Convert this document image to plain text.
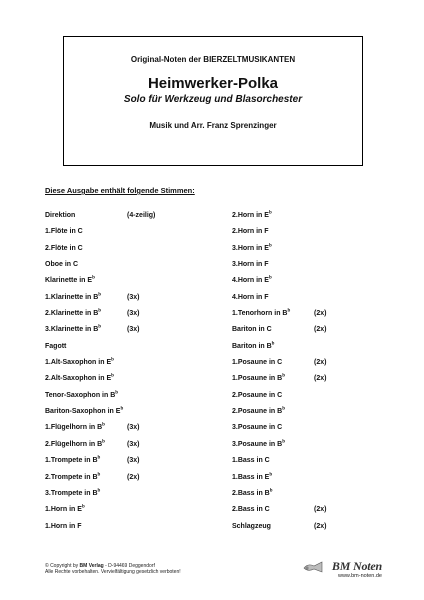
Original-Noten der BIERZELTMUSIKANTEN
Heimwerker-Polka
Solo für Werkzeug und Blasorchester
Musik und Arr. Franz Sprenzinger
Diese Ausgabe enthält folgende Stimmen:
Direktion	(4-zeilig)
1.Flöte in C
2.Flöte in C
Oboe in C
Klarinette in $E^b$
1.Klarinette in $B^b$	(3x)
2.Klarinette in $B^b$	(3x)
3.Klarinette in $B^b$	(3x)
Fagott
1.Alt-Saxophon in $E^b$
2.Alt-Saxophon in $E^b$
Tenor-Saxophon in $B^b$
Bariton-Saxophon in $E^b$
1.Flügelhorn in $B^b$	(3x)
2.Flügelhorn in $B^b$	(3x)
1.Trompete in $B^b$	(3x)
2.Trompete in $B^b$	(2x)
3.Trompete in $B^b$
1.Horn in $E^b$
1.Horn in F
2.Horn in $E^b$
2.Horn in F
3.Horn in $E^b$
3.Horn in F
4.Horn in $E^b$
4.Horn in F
1.Tenorhorn in $B^b$	(2x)
Bariton in C	(2x)
Bariton in $B^b$
1.Posaune in C	(2x)
1.Posaune in $B^b$	(2x)
2.Posaune in C
2.Posaune in $B^b$
3.Posaune in C
3.Posaune in $B^b$
1.Bass in C
1.Bass in $E^b$
2.Bass in $B^b$
2.Bass in C	(2x)
Schlagzeug	(2x)
© Copyright by BM Verlag - D-94469 Deggendorf
Alle Rechte vorbehalten. Vervielfältigung gesetzlich verboten!	BM Noten
www.bm-noten.de
